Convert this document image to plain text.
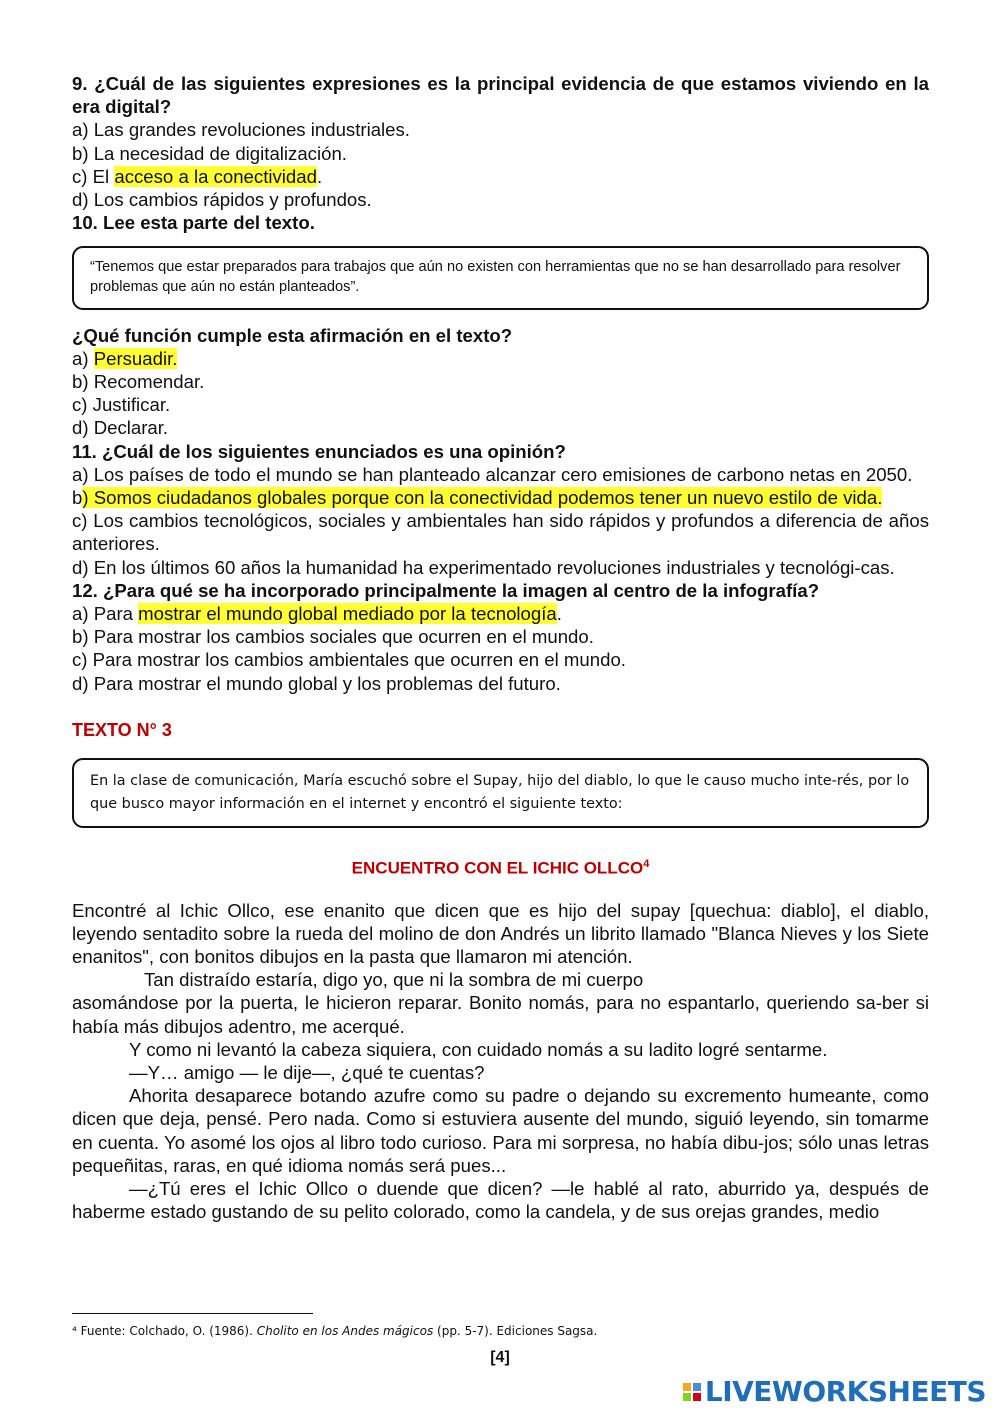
9. ¿Cuál de las siguientes expresiones es la principal evidencia de que estamos viviendo en la era digital?
a) Las grandes revoluciones industriales.
b) La necesidad de digitalización.
c) El acceso a la conectividad.
d) Los cambios rápidos y profundos.
10. Lee esta parte del texto.
“Tenemos que estar preparados para trabajos que aún no existen con herramientas que no se han desarrollado para resolver problemas que aún no están planteados”.
¿Qué función cumple esta afirmación en el texto?
a) Persuadir.
b) Recomendar.
c) Justificar.
d) Declarar.
11. ¿Cuál de los siguientes enunciados es una opinión?
a) Los países de todo el mundo se han planteado alcanzar cero emisiones de carbono netas en 2050.
b) Somos ciudadanos globales porque con la conectividad podemos tener un nuevo estilo de vida.
c) Los cambios tecnológicos, sociales y ambientales han sido rápidos y profundos a diferencia de años anteriores.
d) En los últimos 60 años la humanidad ha experimentado revoluciones industriales y tecnológi-cas.
12. ¿Para qué se ha incorporado principalmente la imagen al centro de la infografía?
a) Para mostrar el mundo global mediado por la tecnología.
b) Para mostrar los cambios sociales que ocurren en el mundo.
c) Para mostrar los cambios ambientales que ocurren en el mundo.
d) Para mostrar el mundo global y los problemas del futuro.
TEXTO N° 3
En la clase de comunicación, María escuchó sobre el Supay, hijo del diablo, lo que le causo mucho inte-rés, por lo que busco mayor información en el internet y encontró el siguiente texto:
ENCUENTRO CON EL ICHIC OLLCO$^4$
Encontré al Ichic Ollco, ese enanito que dicen que es hijo del supay [quechua: diablo], el diablo, leyendo sentadito sobre la rueda del molino de don Andrés un librito llamado "Blanca Nieves y los Siete enanitos", con bonitos dibujos en la pasta que llamaron mi atención.
Tan distraído estaría, digo yo, que ni la sombra de mi cuerpo
asomándose por la puerta, le hicieron reparar. Bonito nomás, para no espantarlo, queriendo sa-ber si había más dibujos adentro, me acerqué.
Y como ni levantó la cabeza siquiera, con cuidado nomás a su ladito logré sentarme.
—Y… amigo — le dije—, ¿qué te cuentas?
Ahorita desaparece botando azufre como su padre o dejando su excremento humeante, como dicen que deja, pensé. Pero nada. Como si estuviera ausente del mundo, siguió leyendo, sin tomarme en cuenta. Yo asomé los ojos al libro todo curioso. Para mi sorpresa, no había dibu-jos; sólo unas letras pequeñitas, raras, en qué idioma nomás será pues...
—¿Tú eres el Ichic Ollco o duende que dicen? —le hablé al rato, aburrido ya, después de haberme estado gustando de su pelito colorado, como la candela, y de sus orejas grandes, medio
⁴ Fuente: Colchado, O. (1986). Cholito en los Andes mágicos (pp. 5-7). Ediciones Sagsa.
[4]
LIVEWORKSHEETS
